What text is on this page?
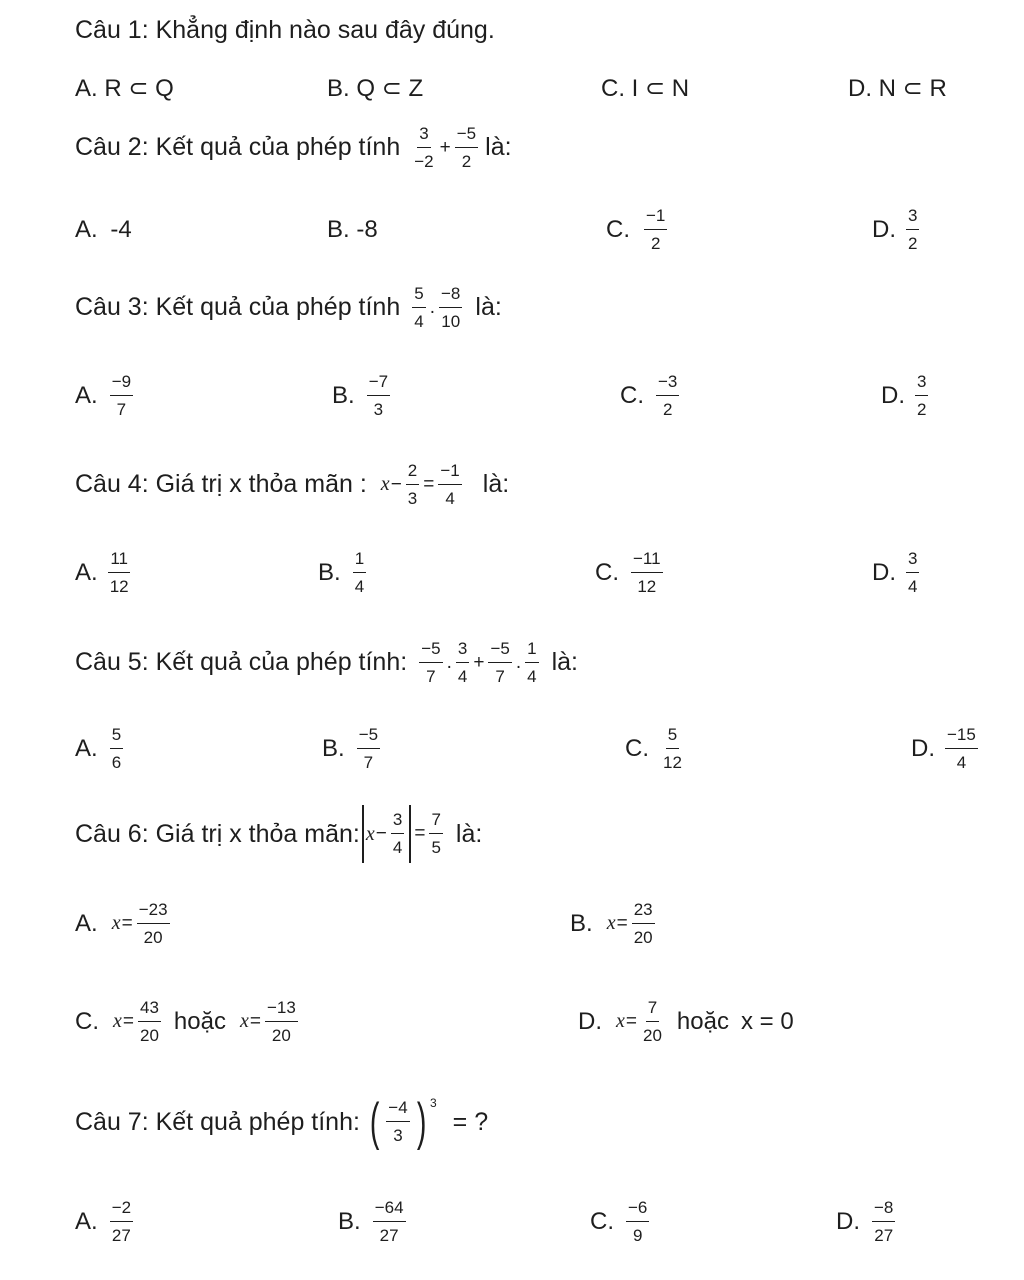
Câu 1: Khẳng định nào sau đây đúng.
A. R ⊂ Q	B. Q ⊂ Z	C. I ⊂ N	D. N ⊂ R
Câu 2: Kết quả của phép tính $\frac{3}{-2} + \frac{-5}{2}$ là:
A. -4	B. -8	C. $\frac{-1}{2}$	D. $\frac{3}{2}$
Câu 3: Kết quả của phép tính $\frac{5}{4}$ . $\frac{-8}{10}$ là:
A. $\frac{-9}{7}$	B. $\frac{-7}{3}$	C. $\frac{-3}{2}$	D. $\frac{3}{2}$
Câu 4: Giá trị x thỏa mãn : $x - \frac{2}{3} = \frac{-1}{4}$ là:
A. $\frac{11}{12}$	B. $\frac{1}{4}$	C. $\frac{-11}{12}$	D. $\frac{3}{4}$
Câu 5: Kết quả của phép tính: $\frac{-5}{7}$ . $\frac{3}{4} + \frac{-5}{7}$ . $\frac{1}{4}$ là:
A. $\frac{5}{6}$	B. $\frac{-5}{7}$	C. $\frac{5}{12}$	D. $\frac{-15}{4}$
Câu 6: Giá trị x thỏa mãn: $x - \frac{3}{4} = \frac{7}{5}$ là:
A. $x = \frac{-23}{20}$	B. $x = \frac{23}{20}$
C. $x = \frac{43}{20}$ hoặc $x = \frac{-13}{20}$	D. $x = \frac{7}{20}$ hoặc x = 0
Câu 7: Kết quả phép tính: ( $\frac{-4}{3}$ ) 3
= ?
A. $\frac{-2}{27}$	B. $\frac{-64}{27}$	C. $\frac{-6}{9}$	D. $\frac{-8}{27}$
